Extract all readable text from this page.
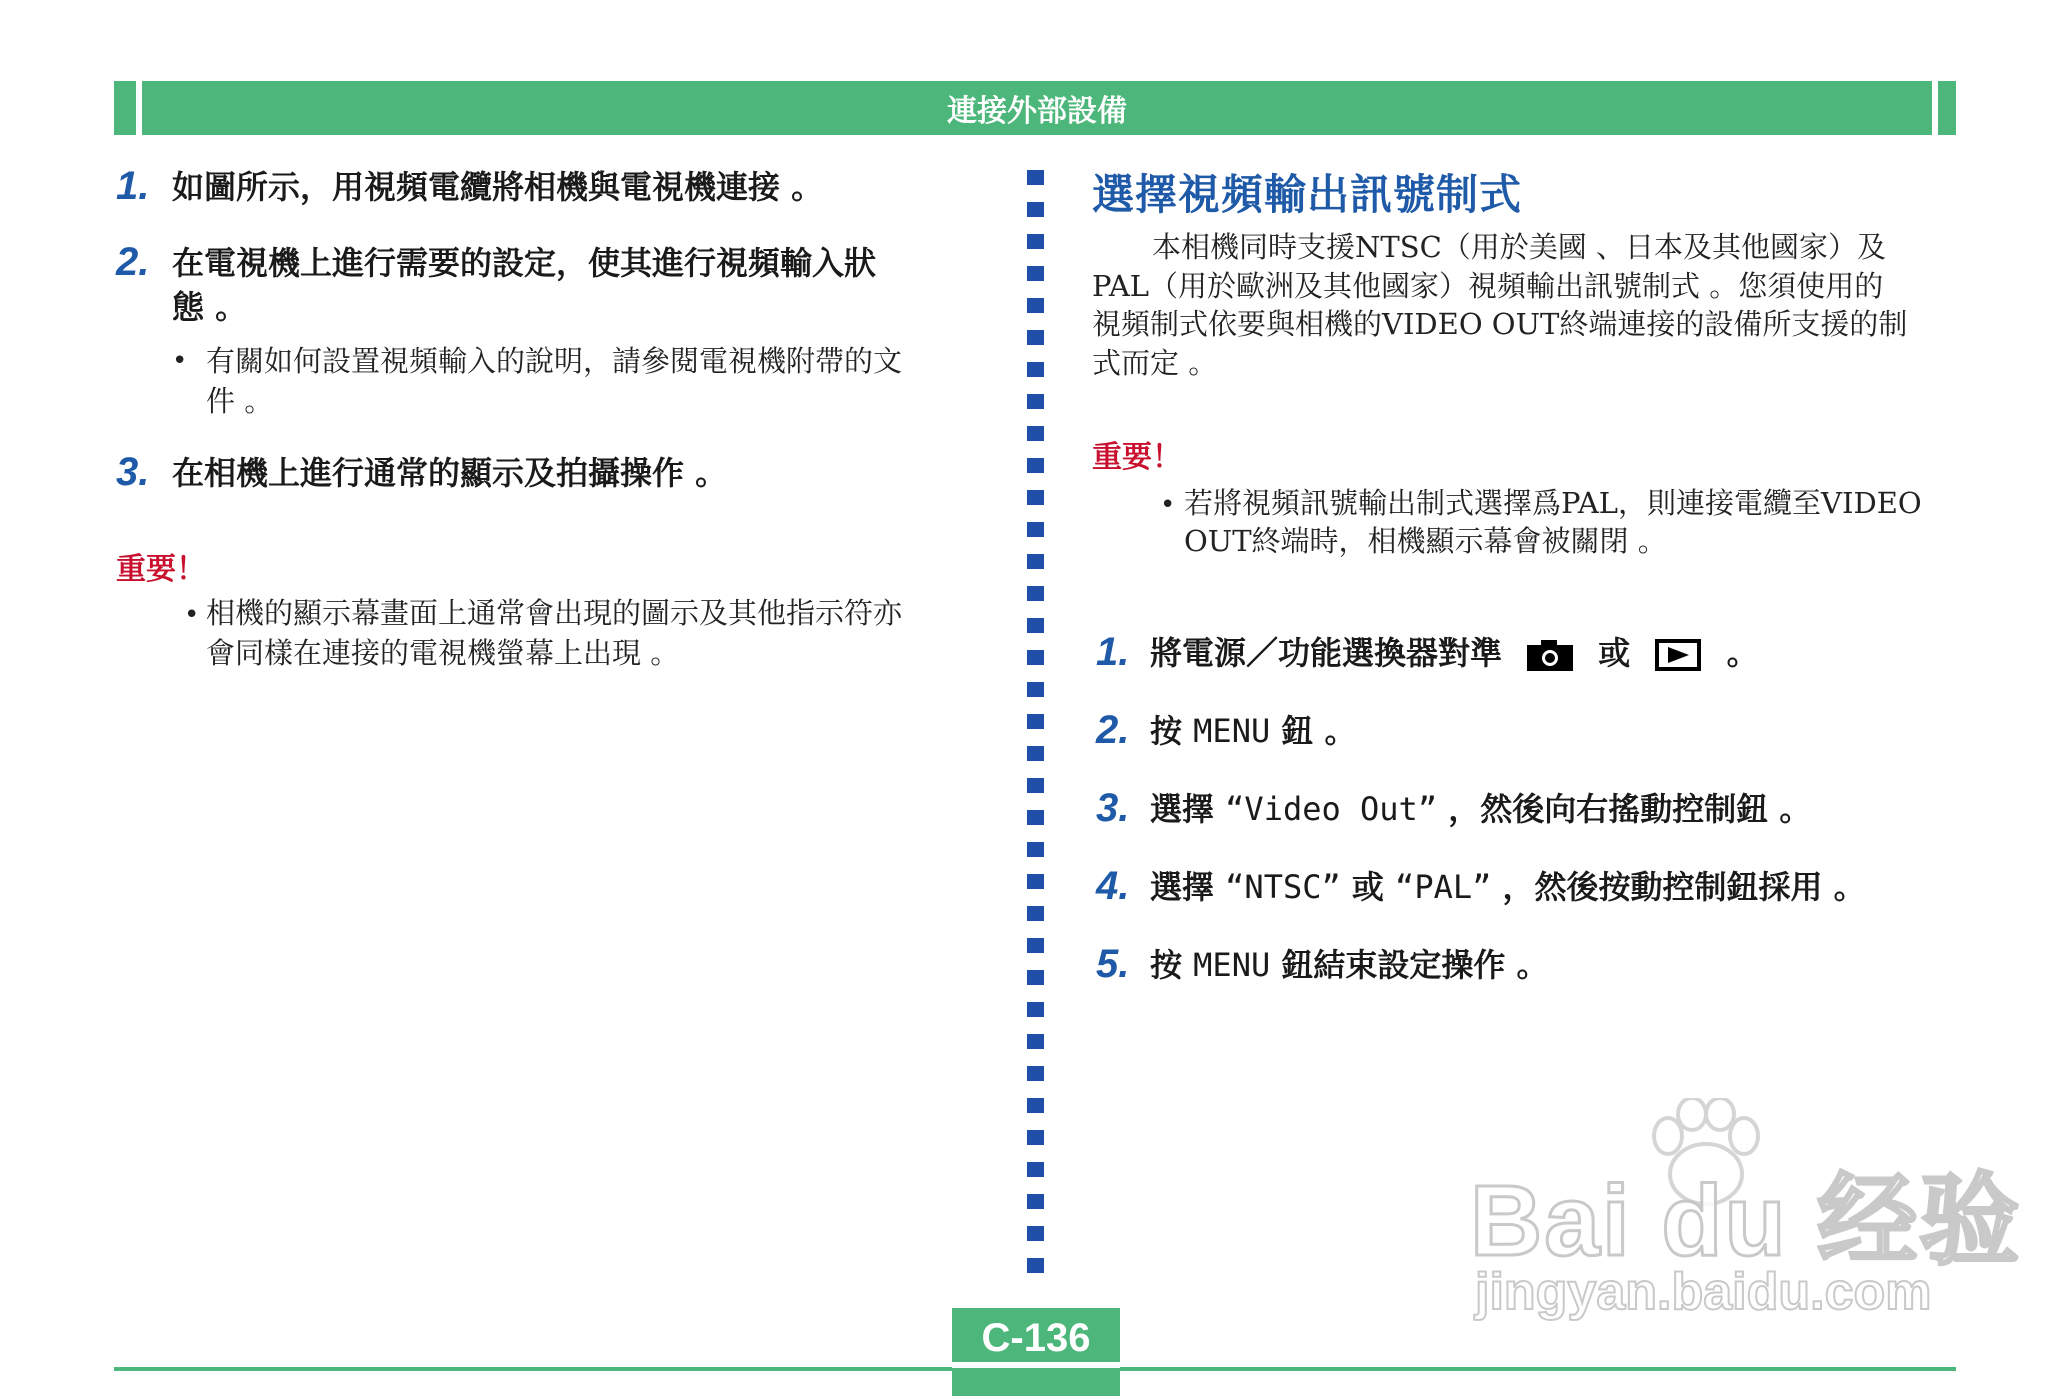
連接外部設備
1. 如圖所示，用視頻電纜將相機與電視機連接 。
2. 在電視機上進行需要的設定，使其進行視頻輸入狀
態 。
• 有關如何設置視頻輸入的說明，請參閱電視機附帶的文
件 。
3. 在相機上進行通常的顯示及拍攝操作 。
重要！
• 相機的顯示幕畫面上通常會出現的圖示及其他指示符亦
會同樣在連接的電視機螢幕上出現 。
選擇視頻輸出訊號制式
本相機同時支援NTSC（用於美國 、日本及其他國家）及
PAL（用於歐洲及其他國家）視頻輸出訊號制式 。您須使用的
視頻制式依要與相機的VIDEO OUT終端連接的設備所支援的制
式而定 。
重要！
• 若將視頻訊號輸出制式選擇爲PAL，則連接電纜至VIDEO
OUT終端時，相機顯示幕會被關閉 。
1. 將電源／功能選換器對準	或	。
2. 按 MENU 鈕 。
3. 選擇 “Video Out” ，然後向右搖動控制鈕 。
4. 選擇 “NTSC” 或 “PAL” ，然後按動控制鈕採用 。
5. 按 MENU 鈕結束設定操作 。
Bai du 经验
jingyan.baidu.com
C-136
